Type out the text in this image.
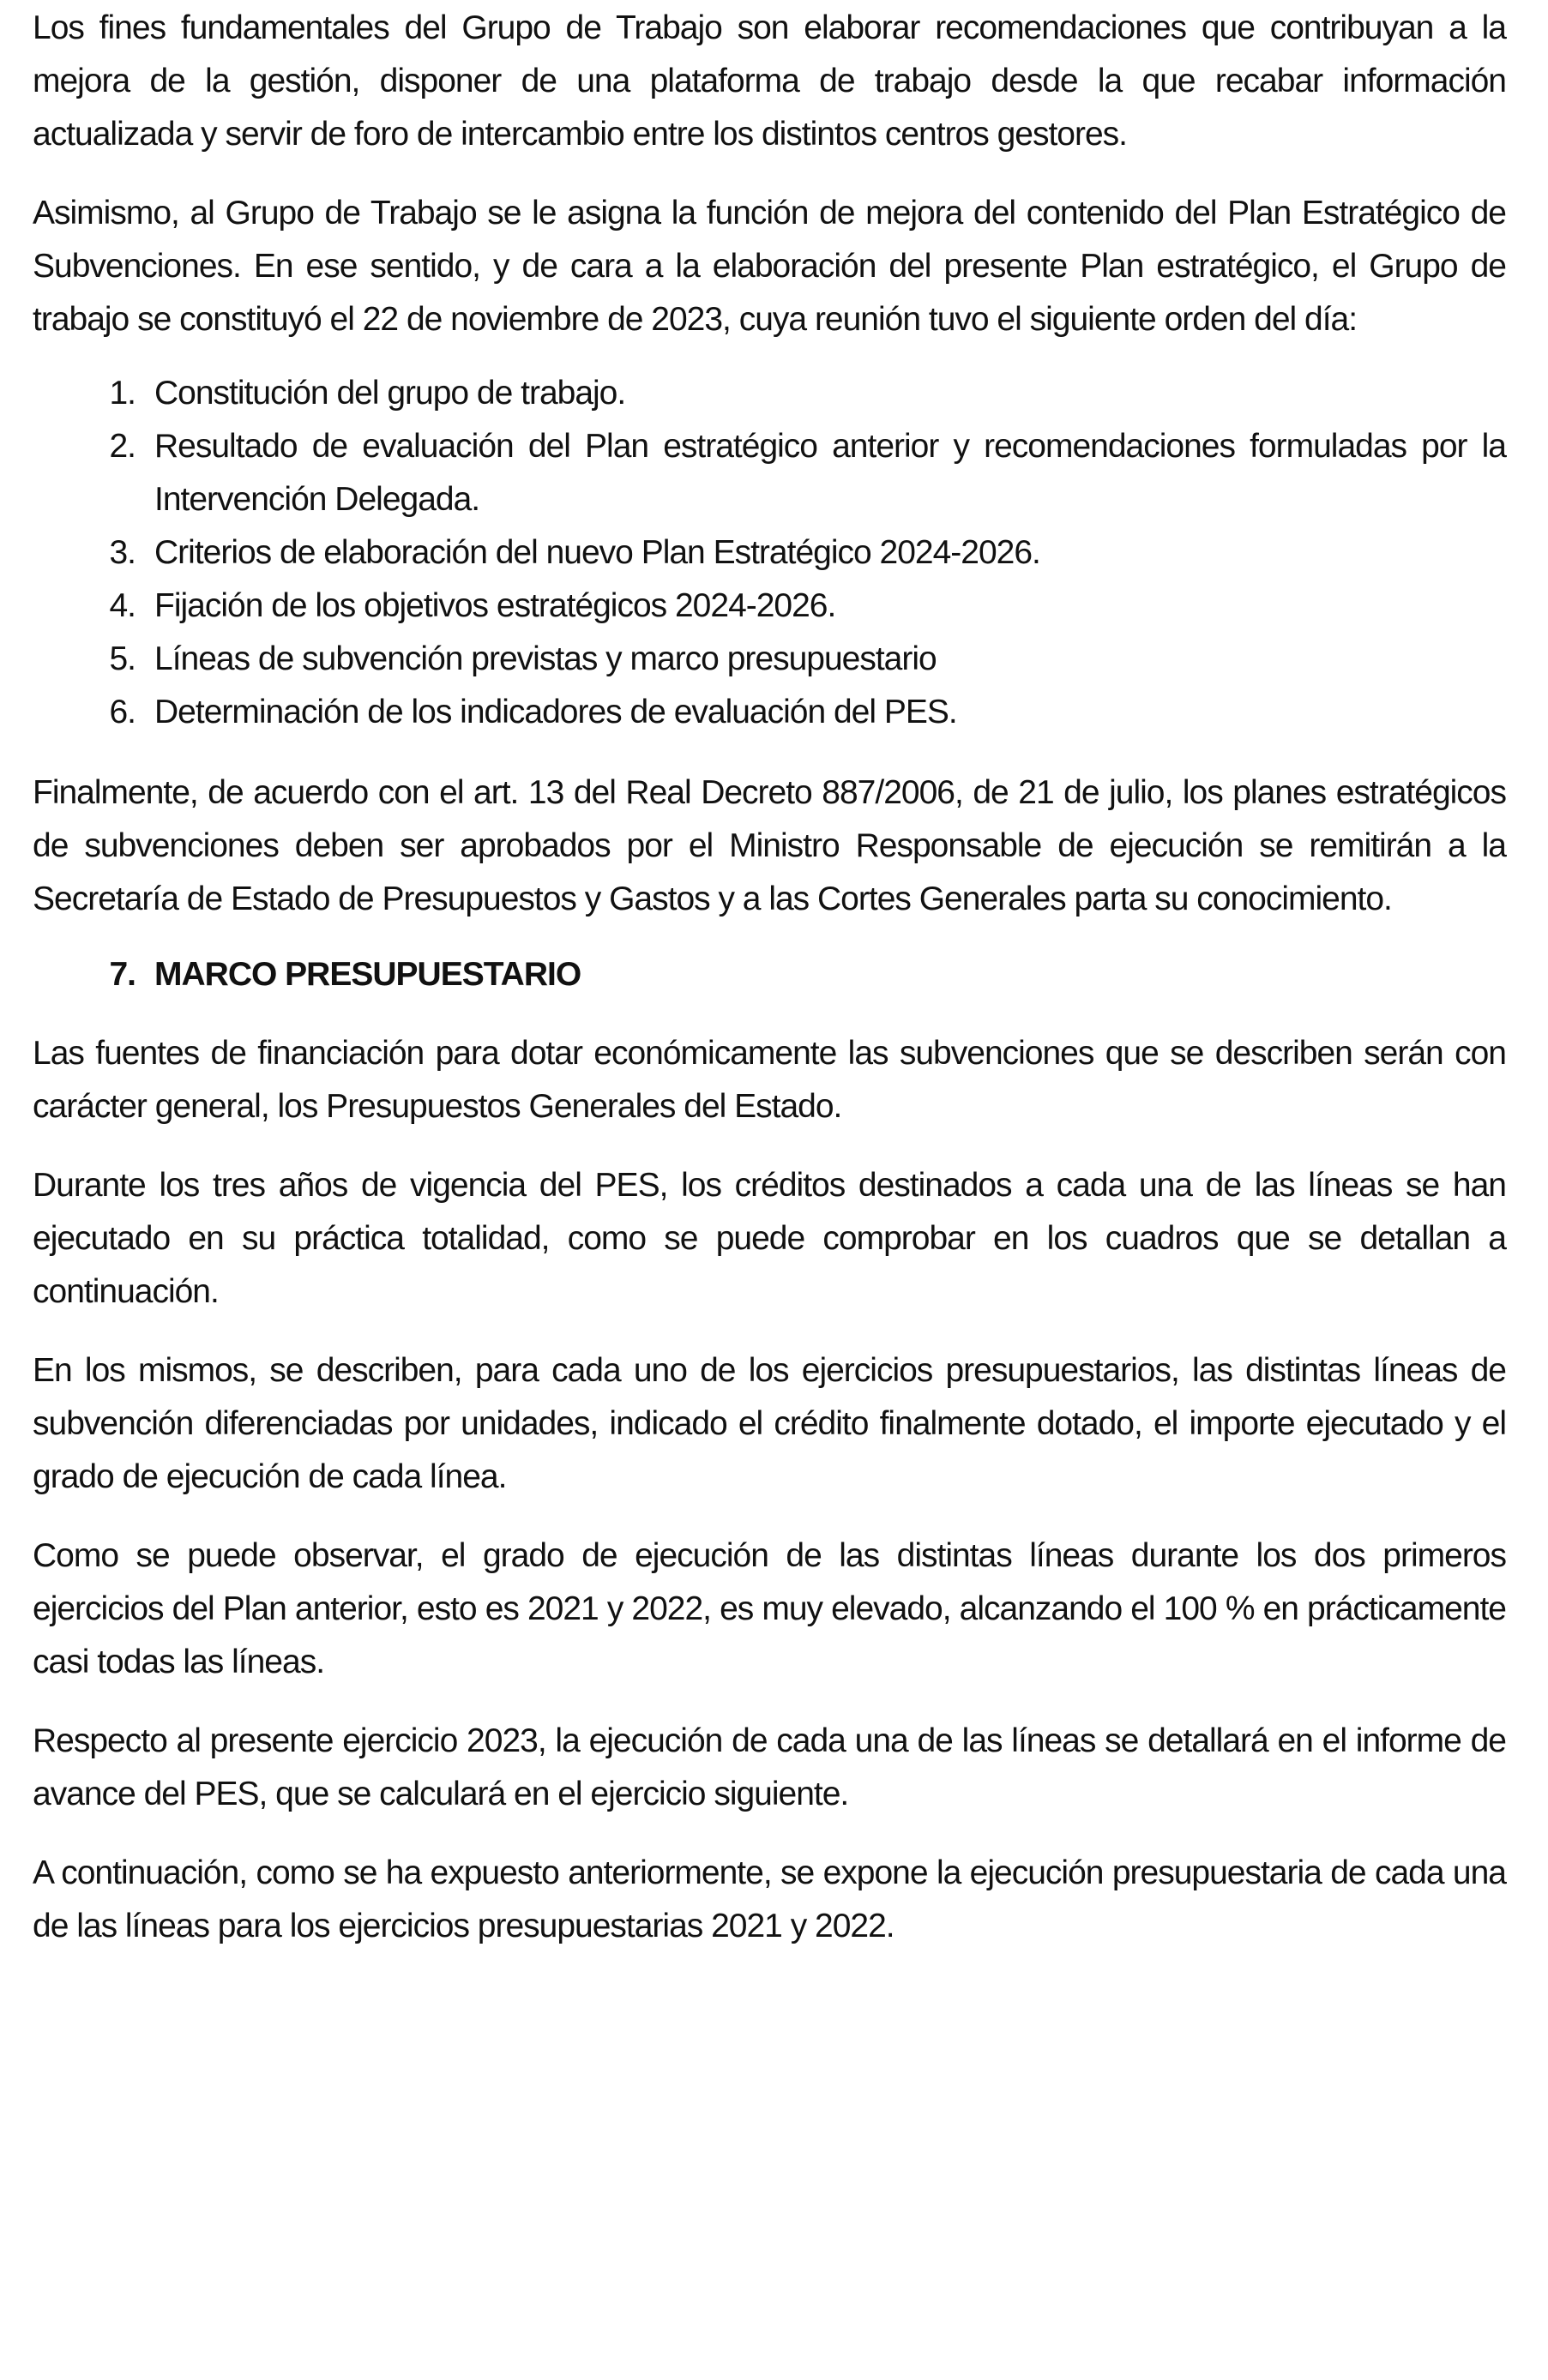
Los fines fundamentales del Grupo de Trabajo son elaborar recomendaciones que contribuyan a la mejora de la gestión, disponer de una plataforma de trabajo desde la que recabar información actualizada y servir de foro de intercambio entre los distintos centros gestores.

Asimismo, al Grupo de Trabajo se le asigna la función de mejora del contenido del Plan Estratégico de Subvenciones. En ese sentido, y de cara a la elaboración del presente Plan estratégico, el Grupo de trabajo se constituyó el 22 de noviembre de 2023, cuya reunión tuvo el siguiente orden del día:

1. Constitución del grupo de trabajo.
2. Resultado de evaluación del Plan estratégico anterior y recomendaciones formuladas por la Intervención Delegada.
3. Criterios de elaboración del nuevo Plan Estratégico 2024-2026.
4. Fijación de los objetivos estratégicos 2024-2026.
5. Líneas de subvención previstas y marco presupuestario
6. Determinación de los indicadores de evaluación del PES.

Finalmente, de acuerdo con el art. 13 del Real Decreto 887/2006, de 21 de julio, los planes estratégicos de subvenciones deben ser aprobados por el Ministro Responsable de ejecución se remitirán a la Secretaría de Estado de Presupuestos y Gastos y a las Cortes Generales parta su conocimiento.

7. MARCO PRESUPUESTARIO

Las fuentes de financiación para dotar económicamente las subvenciones que se describen serán con carácter general, los Presupuestos Generales del Estado.

Durante los tres años de vigencia del PES, los créditos destinados a cada una de las líneas se han ejecutado en su práctica totalidad, como se puede comprobar en los cuadros que se detallan a continuación.

En los mismos, se describen, para cada uno de los ejercicios presupuestarios, las distintas líneas de subvención diferenciadas por unidades, indicado el crédito finalmente dotado, el importe ejecutado y el grado de ejecución de cada línea.

Como se puede observar, el grado de ejecución de las distintas líneas durante los dos primeros ejercicios del Plan anterior, esto es 2021 y 2022, es muy elevado, alcanzando el 100 % en prácticamente casi todas las líneas.

Respecto al presente ejercicio 2023, la ejecución de cada una de las líneas se detallará en el informe de avance del PES, que se calculará en el ejercicio siguiente.

A continuación, como se ha expuesto anteriormente, se expone la ejecución presupuestaria de cada una de las líneas para los ejercicios presupuestarias 2021 y 2022.
